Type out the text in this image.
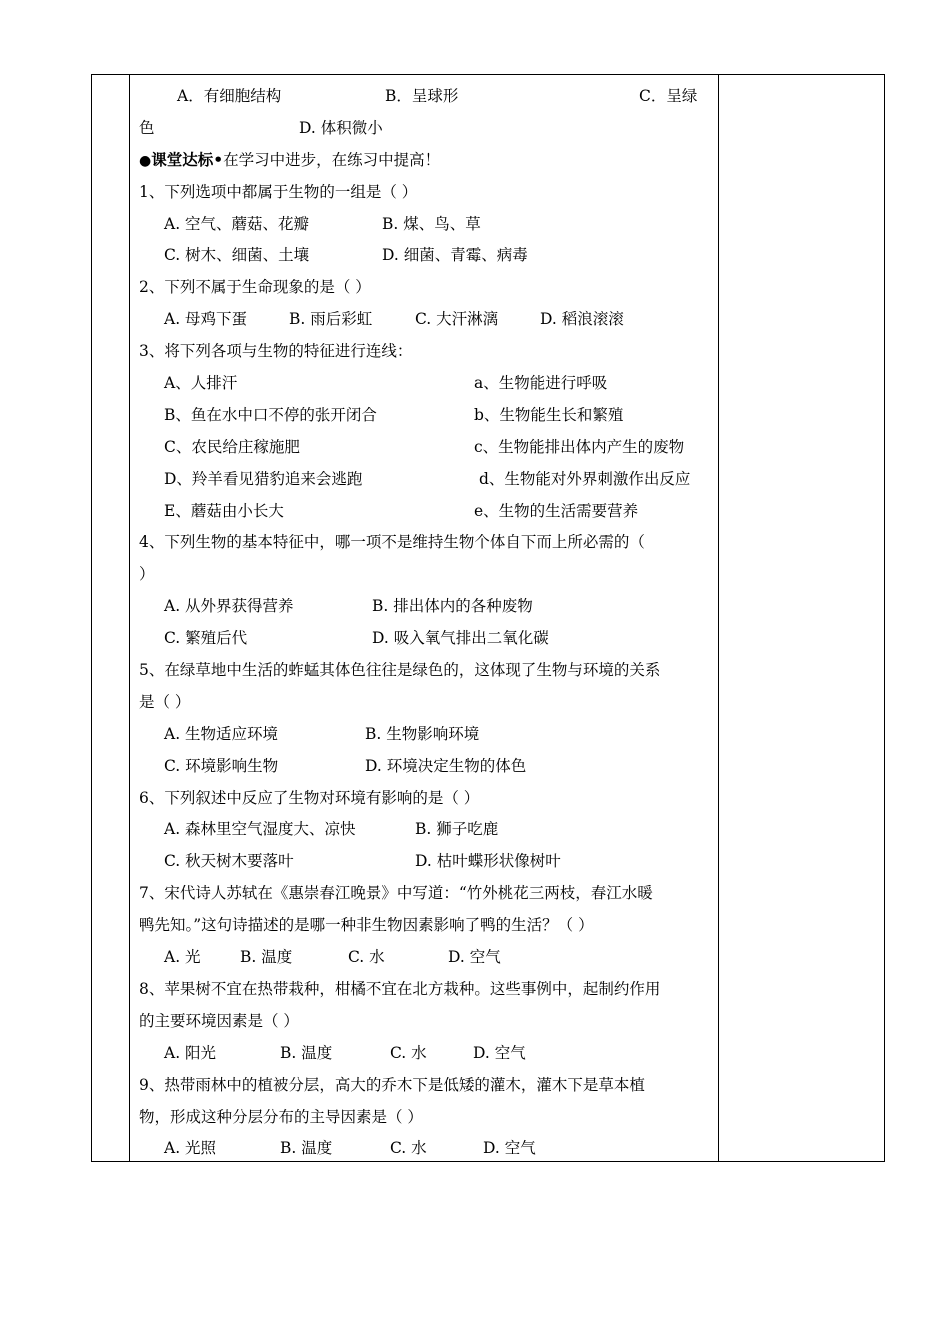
A．有细胞结构	B．呈球形	C．呈绿
色	D. 体积微小
●课堂达标•在学习中进步，在练习中提高！
1、下列选项中都属于生物的一组是（ ）
A. 空气、蘑菇、花瓣	B. 煤、鸟、草
C. 树木、细菌、土壤	D. 细菌、青霉、病毒
2、下列不属于生命现象的是（ ）
A. 母鸡下蛋	B. 雨后彩虹	C. 大汗淋漓	D. 稻浪滚滚
3、将下列各项与生物的特征进行连线：
A、人排汗	a、生物能进行呼吸
B、鱼在水中口不停的张开闭合	b、生物能生长和繁殖
C、农民给庄稼施肥	c、生物能排出体内产生的废物
D、羚羊看见猎豹追来会逃跑	d、生物能对外界刺激作出反应
E、蘑菇由小长大	e、生物的生活需要营养
4、下列生物的基本特征中，哪一项不是维持生物个体自下而上所必需的（
）
A. 从外界获得营养	B. 排出体内的各种废物
C. 繁殖后代	D. 吸入氧气排出二氧化碳
5、在绿草地中生活的蚱蜢其体色往往是绿色的，这体现了生物与环境的关系
是（ ）
A. 生物适应环境	B. 生物影响环境
C. 环境影响生物	D. 环境决定生物的体色
6、下列叙述中反应了生物对环境有影响的是（ ）
A. 森林里空气湿度大、凉快	B. 狮子吃鹿
C. 秋天树木要落叶	D. 枯叶蝶形状像树叶
7、宋代诗人苏轼在《惠崇春江晚景》中写道：“竹外桃花三两枝，春江水暖
鸭先知。”这句诗描述的是哪一种非生物因素影响了鸭的生活？（ ）
A. 光	B. 温度	C. 水	D. 空气
8、苹果树不宜在热带栽种，柑橘不宜在北方栽种。这些事例中，起制约作用
的主要环境因素是（ ）
A. 阳光	B. 温度	C. 水	D. 空气
9、热带雨林中的植被分层，高大的乔木下是低矮的灌木，灌木下是草本植
物，形成这种分层分布的主导因素是（ ）
A. 光照	B. 温度	C. 水	D. 空气
